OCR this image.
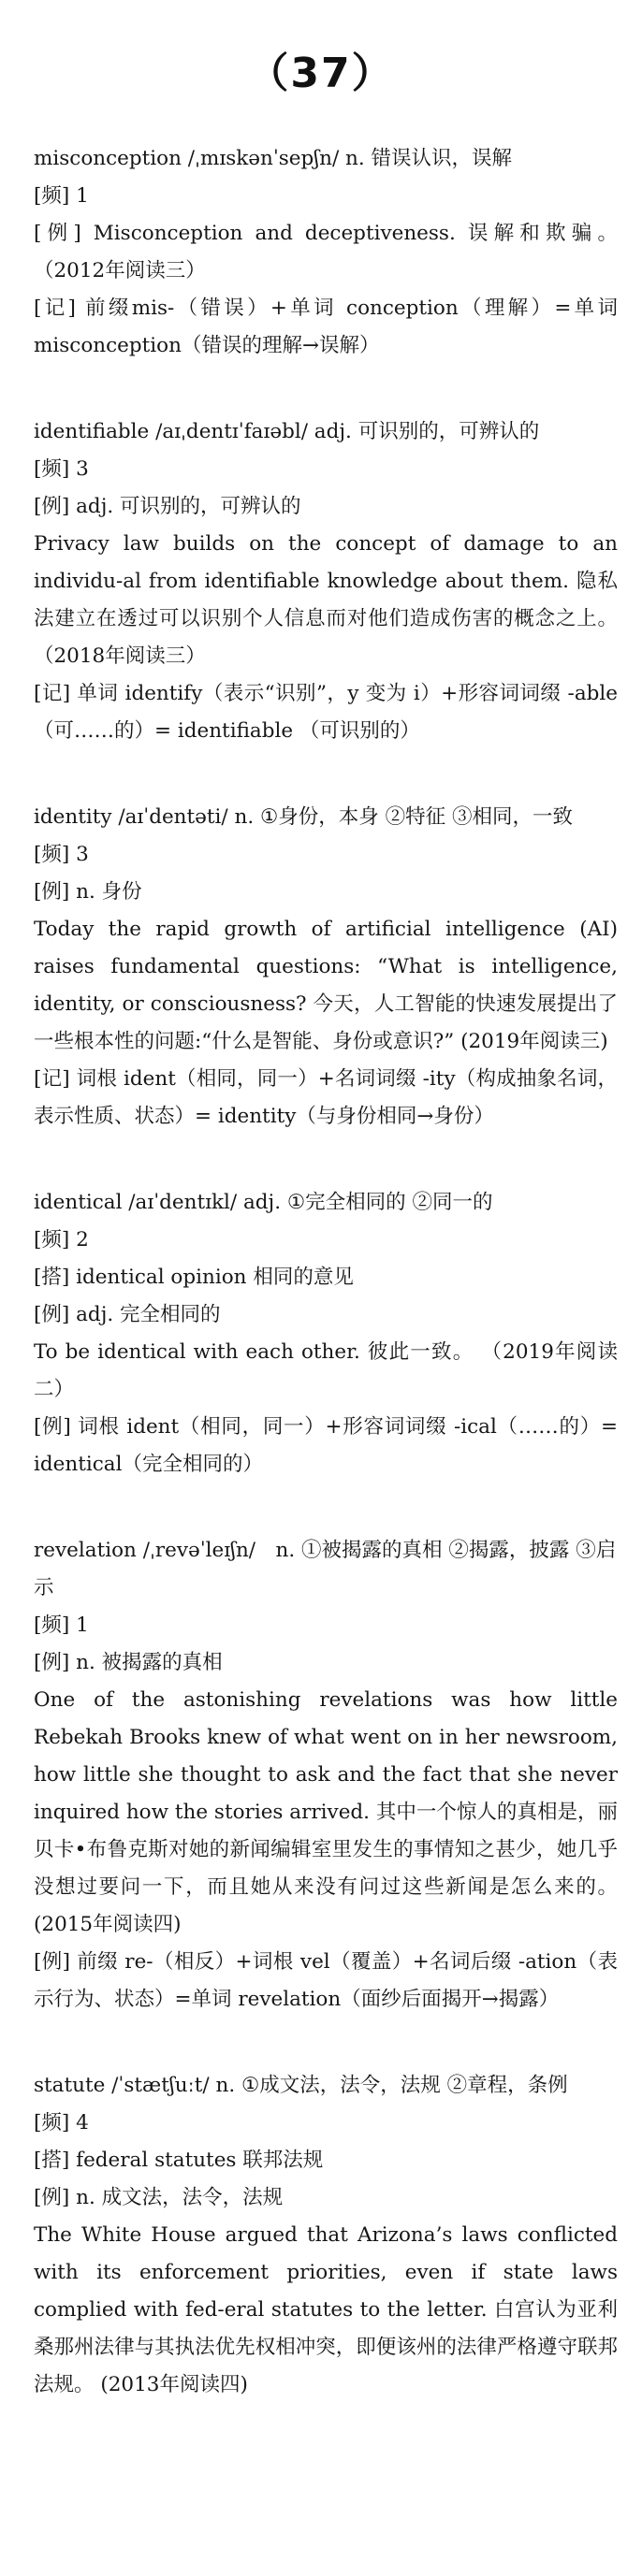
（37）
misconception /ˌmɪskənˈsepʃn/ n. 错误认识，误解
[频] 1
[例] Misconception and deceptiveness. 误解和欺骗。 （2012年阅读三）
[记] 前缀mis-（错误）+单词 conception（理解）=单词 misconception（错误的理解→误解）
identifiable /aɪˌdentɪˈfaɪəbl/ adj. 可识别的，可辨认的
[频] 3
[例] adj. 可识别的，可辨认的
Privacy law builds on the concept of damage to an individu-al from identifiable knowledge about them. 隐私法建立在透过可以识别个人信息而对他们造成伤害的概念之上。（2018年阅读三）
[记] 单词 identify（表示“识别”，y 变为 i）+形容词词缀 -able（可……的）= identifiable （可识别的）
identity /aɪˈdentəti/ n. ①身份，本身 ②特征 ③相同，一致
[频] 3
[例] n. 身份
Today the rapid growth of artificial intelligence (AI) raises fundamental questions: “What is intelligence, identity, or consciousness? 今天，人工智能的快速发展提出了一些根本性的问题:“什么是智能、身份或意识?” (2019年阅读三)
[记] 词根 ident（相同，同一）+名词词缀 -ity（构成抽象名词，表示性质、状态）= identity（与身份相同→身份）
identical /aɪˈdentɪkl/ adj. ①完全相同的 ②同一的
[频] 2
[搭] identical opinion 相同的意见
[例] adj. 完全相同的
To be identical with each other. 彼此一致。 （2019年阅读二）
[例] 词根 ident（相同，同一）+形容词词缀 -ical（……的）= identical（完全相同的）
revelation /ˌrevəˈleɪʃn/　n. ①被揭露的真相 ②揭露，披露 ③启示
[频] 1
[例] n. 被揭露的真相
One of the astonishing revelations was how little Rebekah Brooks knew of what went on in her newsroom, how little she thought to ask and the fact that she never inquired how the stories arrived. 其中一个惊人的真相是，丽贝卡•布鲁克斯对她的新闻编辑室里发生的事情知之甚少，她几乎没想过要问一下，而且她从来没有问过这些新闻是怎么来的。 (2015年阅读四)
[例] 前缀 re-（相反）+词根 vel（覆盖）+名词后缀 -ation（表示行为、状态）=单词 revelation（面纱后面揭开→揭露）
statute /ˈstætʃuːt/ n. ①成文法，法令，法规 ②章程，条例
[频] 4
[搭] federal statutes 联邦法规
[例] n. 成文法，法令，法规
The White House argued that Arizona’s laws conflicted with its enforcement priorities, even if state laws complied with fed-eral statutes to the letter. 白宫认为亚利桑那州法律与其执法优先权相冲突，即便该州的法律严格遵守联邦法规。 (2013年阅读四)
